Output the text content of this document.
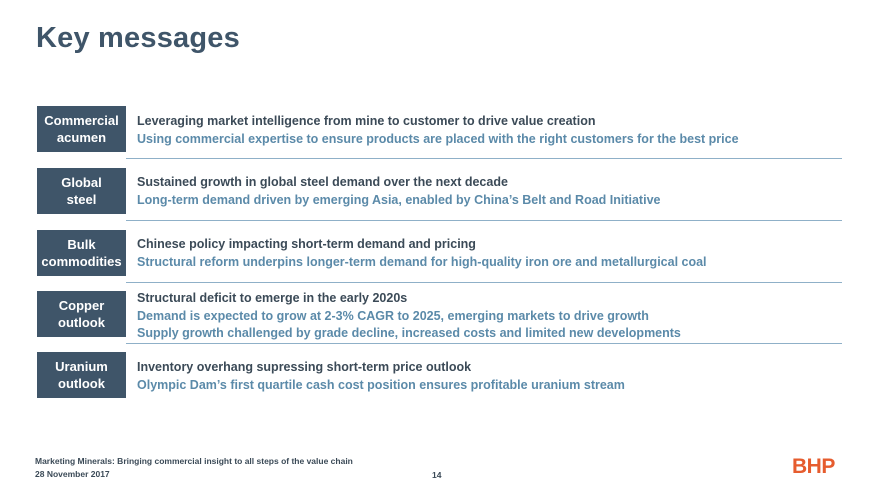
Key messages
Commercial
acumen
Leveraging market intelligence from mine to customer to drive value creation
Using commercial expertise to ensure products are placed with the right customers for the best price
Global
steel
Sustained growth in global steel demand over the next decade
Long-term demand driven by emerging Asia, enabled by China’s Belt and Road Initiative
Bulk
commodities
Chinese policy impacting short-term demand and pricing
Structural reform underpins longer-term demand for high-quality iron ore and metallurgical coal
Copper
outlook
Structural deficit to emerge in the early 2020s
Demand is expected to grow at 2-3% CAGR to 2025, emerging markets to drive growth
Supply growth challenged by grade decline, increased costs and limited new developments
Uranium
outlook
Inventory overhang supressing short-term price outlook
Olympic Dam’s first quartile cash cost position ensures profitable uranium stream
Marketing Minerals: Bringing commercial insight to all steps of the value chain
28 November 2017	14	BHP
